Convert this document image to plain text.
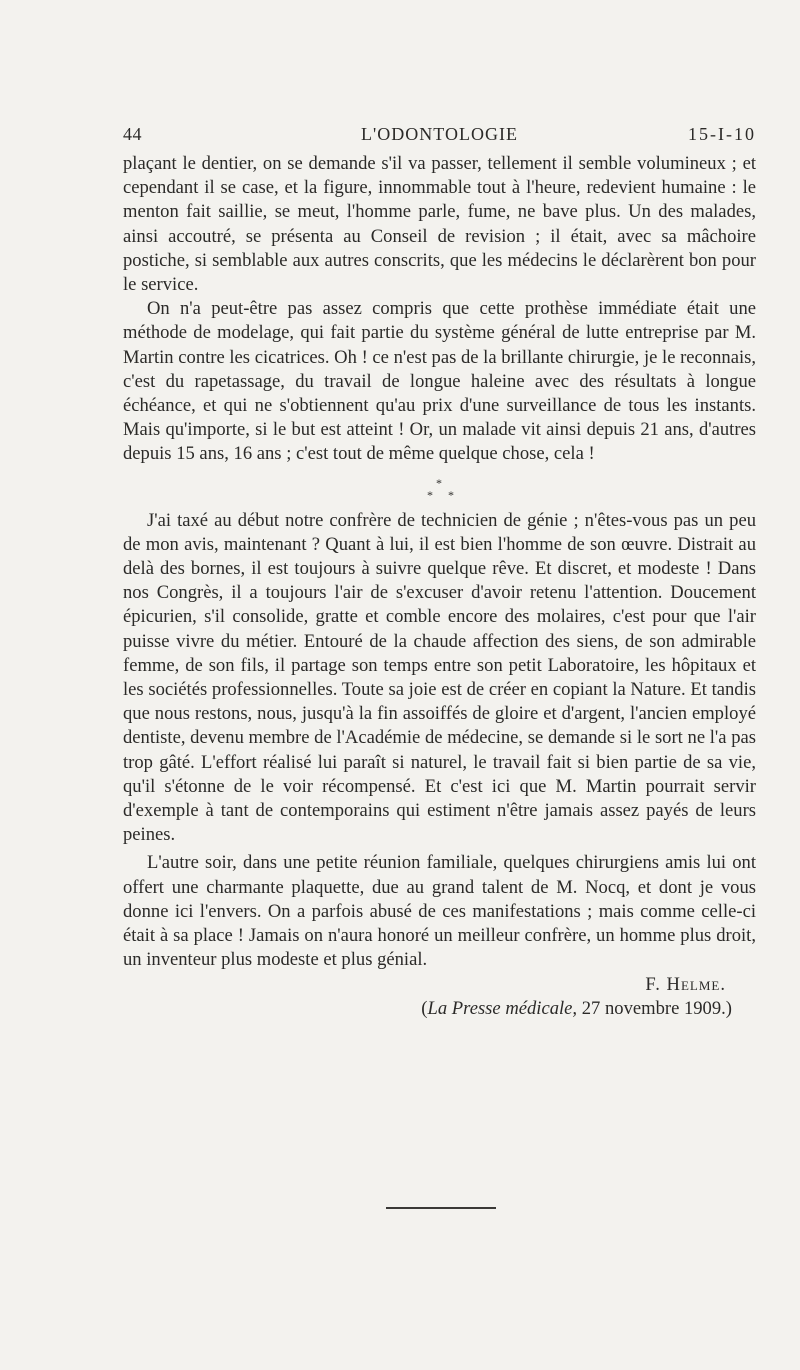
44	L'ODONTOLOGIE	15-I-10

plaçant le dentier, on se demande s'il va passer, tellement il semble volumineux ; et cependant il se case, et la figure, innommable tout à l'heure, redevient humaine : le menton fait saillie, se meut, l'homme parle, fume, ne bave plus. Un des malades, ainsi accoutré, se présenta au Conseil de revision ; il était, avec sa mâchoire postiche, si semblable aux autres conscrits, que les médecins le déclarèrent bon pour le service.

On n'a peut-être pas assez compris que cette prothèse immédiate était une méthode de modelage, qui fait partie du système général de lutte entreprise par M. Martin contre les cicatrices. Oh ! ce n'est pas de la brillante chirurgie, je le reconnais, c'est du rapetassage, du travail de longue haleine avec des résultats à longue échéance, et qui ne s'obtiennent qu'au prix d'une surveillance de tous les instants. Mais qu'importe, si le but est atteint ! Or, un malade vit ainsi depuis 21 ans, d'autres depuis 15 ans, 16 ans ; c'est tout de même quelque chose, cela !

*
* *

J'ai taxé au début notre confrère de technicien de génie ; n'êtes-vous pas un peu de mon avis, maintenant ? Quant à lui, il est bien l'homme de son œuvre. Distrait au delà des bornes, il est toujours à suivre quelque rêve. Et discret, et modeste ! Dans nos Congrès, il a toujours l'air de s'excuser d'avoir retenu l'attention. Doucement épicurien, s'il consolide, gratte et comble encore des molaires, c'est pour que l'air puisse vivre du métier. Entouré de la chaude affection des siens, de son admirable femme, de son fils, il partage son temps entre son petit Laboratoire, les hôpitaux et les sociétés professionnelles. Toute sa joie est de créer en copiant la Nature. Et tandis que nous restons, nous, jusqu'à la fin assoiffés de gloire et d'argent, l'ancien employé dentiste, devenu membre de l'Académie de médecine, se demande si le sort ne l'a pas trop gâté. L'effort réalisé lui paraît si naturel, le travail fait si bien partie de sa vie, qu'il s'étonne de le voir récompensé. Et c'est ici que M. Martin pourrait servir d'exemple à tant de contemporains qui estiment n'être jamais assez payés de leurs peines.

L'autre soir, dans une petite réunion familiale, quelques chirurgiens amis lui ont offert une charmante plaquette, due au grand talent de M. Nocq, et dont je vous donne ici l'envers. On a parfois abusé de ces manifestations ; mais comme celle-ci était à sa place ! Jamais on n'aura honoré un meilleur confrère, un homme plus droit, un inventeur plus modeste et plus génial.

F. Helme.
(La Presse médicale, 27 novembre 1909.)
